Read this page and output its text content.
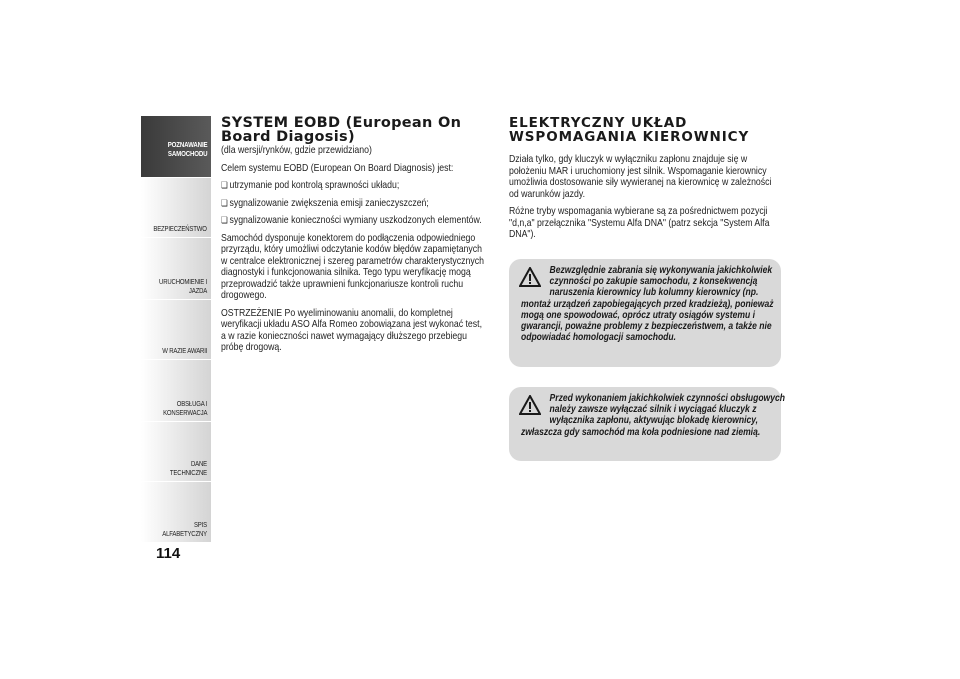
POZNAWANIE
SAMOCHODU
BEZPIECZEŃSTWO
URUCHOMIENIE I
JAZDA
W RAZIE AWARII
OBSŁUGA I
KONSERWACJA
DANE TECHNICZNE
SPIS ALFABETYCZNY
114
SYSTEM EOBD (European On Board Diagosis)

(dla wersji/rynków, gdzie przewidziano)

Celem systemu EOBD (European On Board Diagnosis) jest:

❏ utrzymanie pod kontrolą sprawności układu;

❏ sygnalizowanie zwiększenia emisji zanieczyszczeń;

❏ sygnalizowanie konieczności wymiany uszkodzonych elementów.

Samochód dysponuje konektorem do podłączenia odpowiedniego przyrządu, który umożliwi odczytanie kodów błędów zapamiętanych w centralce elektronicznej i szereg parametrów charakterystycznych diagnostyki i funkcjonowania silnika. Tego typu weryfikację mogą przeprowadzić także uprawnieni funkcjonariusze kontroli ruchu drogowego.

OSTRZEŻENIE Po wyeliminowaniu anomalii, do kompletnej weryfikacji układu ASO Alfa Romeo zobowiązana jest wykonać test, a w razie konieczności nawet wymagający dłuższego przebiegu próbę drogową.

ELEKTRYCZNY UKŁAD
WSPOMAGANIA KIEROWNICY

Działa tylko, gdy kluczyk w wyłączniku zapłonu znajduje się w położeniu MAR i uruchomiony jest silnik. Wspomaganie kierownicy umożliwia dostosowanie siły wywieranej na kierownicę w zależności od warunków jazdy.

Różne tryby wspomagania wybierane są za pośrednictwem pozycji "d,n,a" przełącznika "Systemu Alfa DNA" (patrz sekcja "System Alfa DNA").

Bezwzględnie zabrania się wykonywania jakichkolwiek czynności po zakupie samochodu, z konsekwencją naruszenia kierownicy lub kolumny kierownicy (np. montaż urządzeń zapobiegających przed kradzieżą), ponieważ mogą one spowodować, oprócz utraty osiągów systemu i gwarancji, poważne problemy z bezpieczeństwem, a także nie odpowiadać homologacji samochodu.
Przed wykonaniem jakichkolwiek czynności obsługowych należy zawsze wyłączać silnik i wyciągać kluczyk z wyłącznika zapłonu, aktywując blokadę kierownicy, zwłaszcza gdy samochód ma koła podniesione nad ziemią.
